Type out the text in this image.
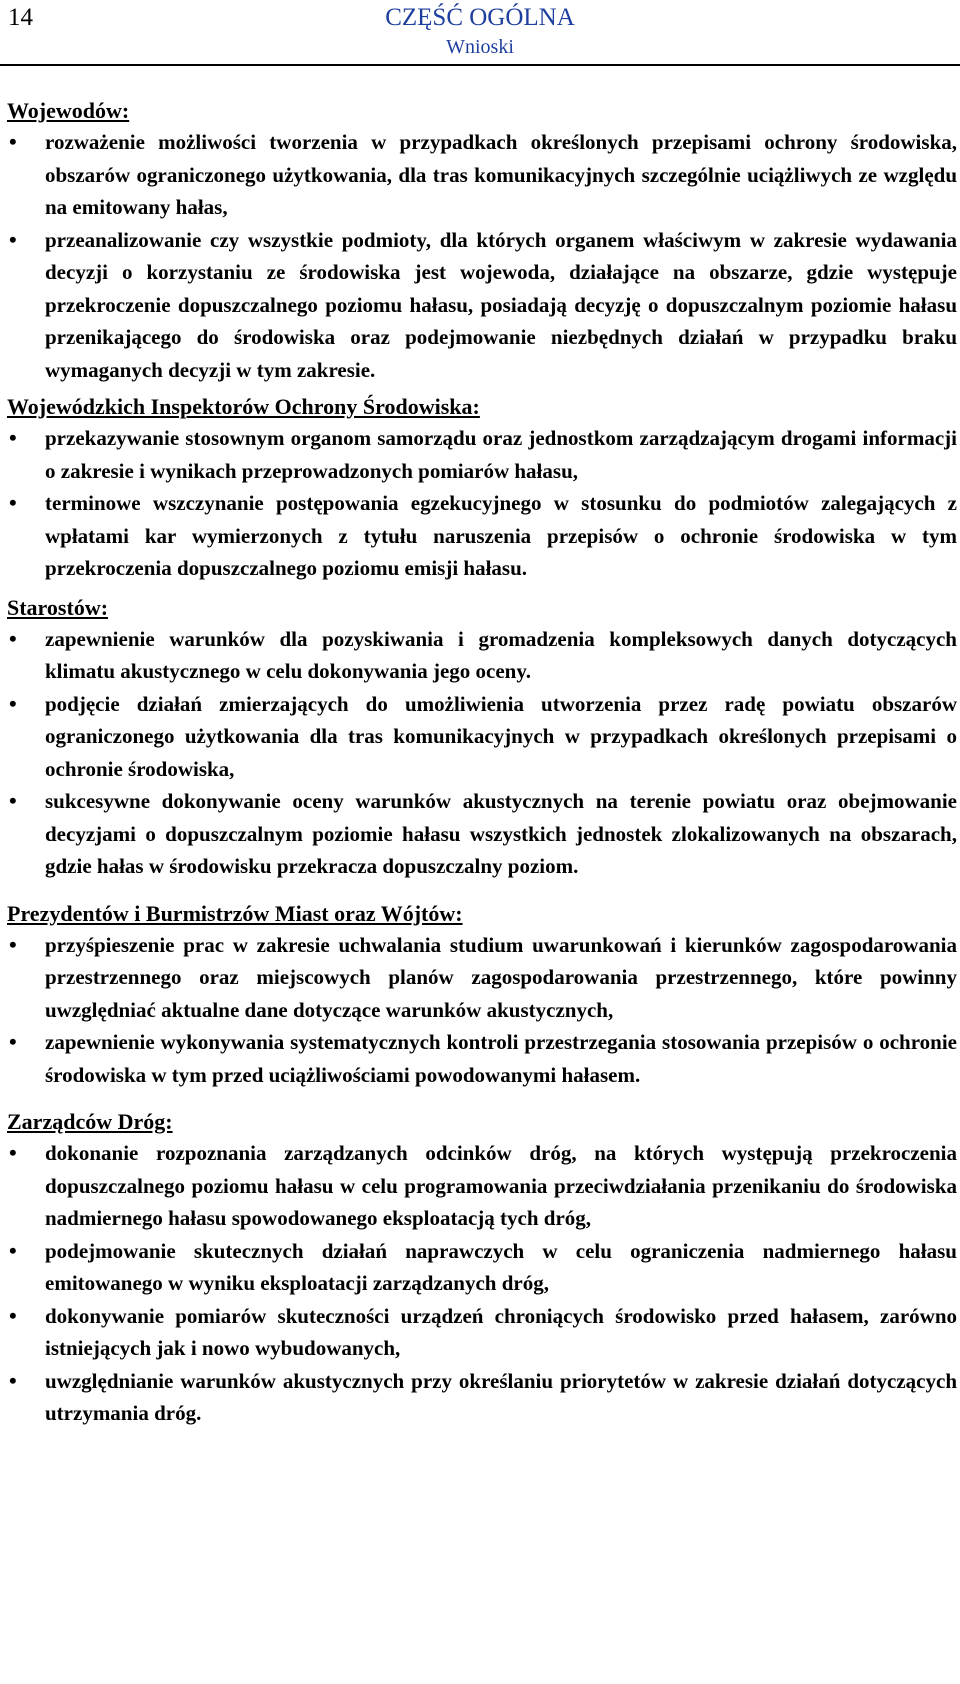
14	CZĘŚĆ OGÓLNA
Wnioski
Wojewodów:
• rozważenie możliwości tworzenia w przypadkach określonych przepisami ochrony środowiska, obszarów ograniczonego użytkowania, dla tras komunikacyjnych szczególnie uciążliwych ze względu na emitowany hałas,
• przeanalizowanie czy wszystkie podmioty, dla których organem właściwym w zakresie wydawania decyzji o korzystaniu ze środowiska jest wojewoda, działające na obszarze, gdzie występuje przekroczenie dopuszczalnego poziomu hałasu, posiadają decyzję o dopuszczalnym poziomie hałasu przenikającego do środowiska oraz podejmowanie niezbędnych działań w przypadku braku wymaganych decyzji w tym zakresie.
Wojewódzkich Inspektorów Ochrony Środowiska:
• przekazywanie stosownym organom samorządu oraz jednostkom zarządzającym drogami informacji o zakresie i wynikach przeprowadzonych pomiarów hałasu,
• terminowe wszczynanie postępowania egzekucyjnego w stosunku do podmiotów zalegających z wpłatami kar wymierzonych z tytułu naruszenia przepisów o ochronie środowiska w tym przekroczenia dopuszczalnego poziomu emisji hałasu.
Starostów:
• zapewnienie warunków dla pozyskiwania i gromadzenia kompleksowych danych dotyczących klimatu akustycznego w celu dokonywania jego oceny.
• podjęcie działań zmierzających do umożliwienia utworzenia przez radę powiatu obszarów ograniczonego użytkowania dla tras komunikacyjnych w przypadkach określonych przepisami o ochronie środowiska,
• sukcesywne dokonywanie oceny warunków akustycznych na terenie powiatu oraz obejmowanie decyzjami o dopuszczalnym poziomie hałasu wszystkich jednostek zlokalizowanych na obszarach, gdzie hałas w środowisku przekracza dopuszczalny poziom.
Prezydentów i Burmistrzów Miast oraz Wójtów:
• przyśpieszenie prac w zakresie uchwalania studium uwarunkowań i kierunków zagospodarowania przestrzennego oraz miejscowych planów zagospodarowania przestrzennego, które powinny uwzględniać aktualne dane dotyczące warunków akustycznych,
• zapewnienie wykonywania systematycznych kontroli przestrzegania stosowania przepisów o ochronie środowiska w tym przed uciążliwościami powodowanymi hałasem.
Zarządców Dróg:
• dokonanie rozpoznania zarządzanych odcinków dróg, na których występują przekroczenia dopuszczalnego poziomu hałasu w celu programowania przeciwdziałania przenikaniu do środowiska nadmiernego hałasu spowodowanego eksploatacją tych dróg,
• podejmowanie skutecznych działań naprawczych w celu ograniczenia nadmiernego hałasu emitowanego w wyniku eksploatacji zarządzanych dróg,
• dokonywanie pomiarów skuteczności urządzeń chroniących środowisko przed hałasem, zarówno istniejących jak i nowo wybudowanych,
• uwzględnianie warunków akustycznych przy określaniu priorytetów w zakresie działań dotyczących utrzymania dróg.
